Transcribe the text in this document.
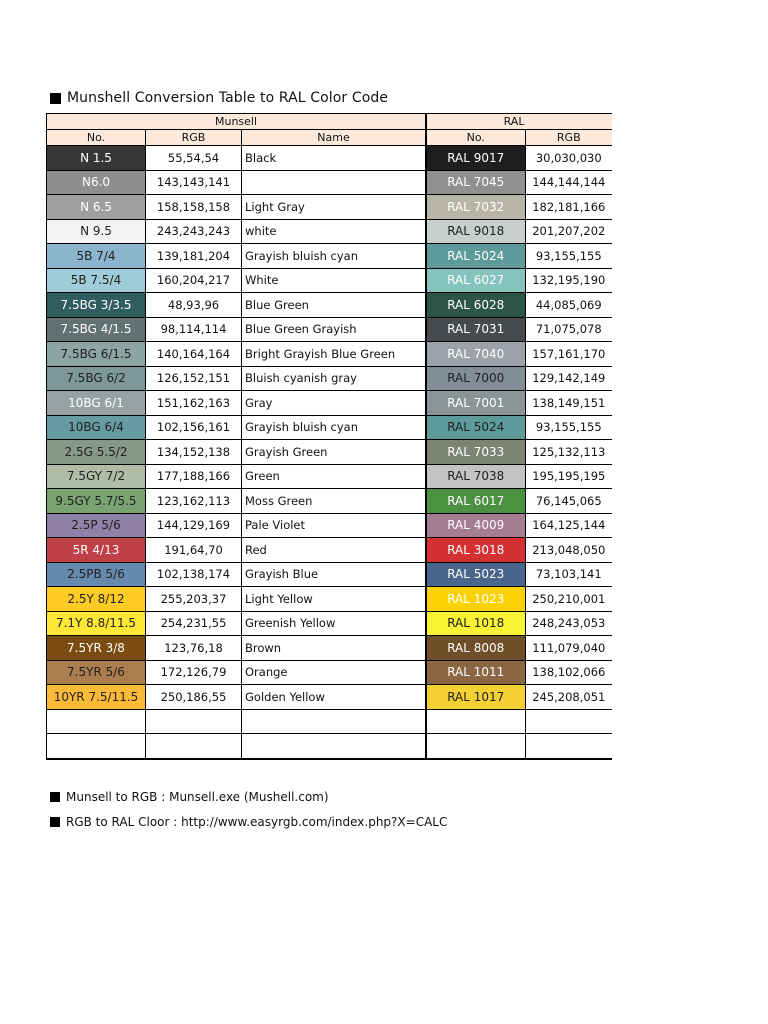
Munshell Conversion Table to RAL Color Code
Munsell			RAL	
No.	RGB	Name		No.	RGB
N 1.5	55,54,54	Black		RAL 9017	30,030,030
N6.0	143,143,141			RAL 7045	144,144,144
N 6.5	158,158,158	Light Gray		RAL 7032	182,181,166
N 9.5	243,243,243	white		RAL 9018	201,207,202
5B 7/4	139,181,204	Grayish bluish cyan		RAL 5024	93,155,155
5B 7.5/4	160,204,217	White		RAL 6027	132,195,190
7.5BG 3/3.5	48,93,96	Blue Green		RAL 6028	44,085,069
7.5BG 4/1.5	98,114,114	Blue Green Grayish		RAL 7031	71,075,078
7.5BG 6/1.5	140,164,164	Bright Grayish Blue Green		RAL 7040	157,161,170
7.5BG 6/2	126,152,151	Bluish cyanish gray		RAL 7000	129,142,149
10BG 6/1	151,162,163	Gray		RAL 7001	138,149,151
10BG 6/4	102,156,161	Grayish bluish cyan		RAL 5024	93,155,155
2.5G 5.5/2	134,152,138	Grayish Green		RAL 7033	125,132,113
7.5GY 7/2	177,188,166	Green		RAL 7038	195,195,195
9.5GY 5.7/5.5	123,162,113	Moss Green		RAL 6017	76,145,065
2.5P 5/6	144,129,169	Pale Violet		RAL 4009	164,125,144
5R 4/13	191,64,70	Red		RAL 3018	213,048,050
2.5PB 5/6	102,138,174	Grayish Blue		RAL 5023	73,103,141
2.5Y 8/12	255,203,37	Light Yellow		RAL 1023	250,210,001
7.1Y 8.8/11.5	254,231,55	Greenish Yellow		RAL 1018	248,243,053
7.5YR 3/8	123,76,18	Brown		RAL 8008	111,079,040
7.5YR 5/6	172,126,79	Orange		RAL 1011	138,102,066
10YR 7.5/11.5	250,186,55	Golden Yellow		RAL 1017	245,208,051

Munsell to RGB : Munsell.exe (Mushell.com)
RGB to RAL Cloor : http://www.easyrgb.com/index.php?X=CALC
